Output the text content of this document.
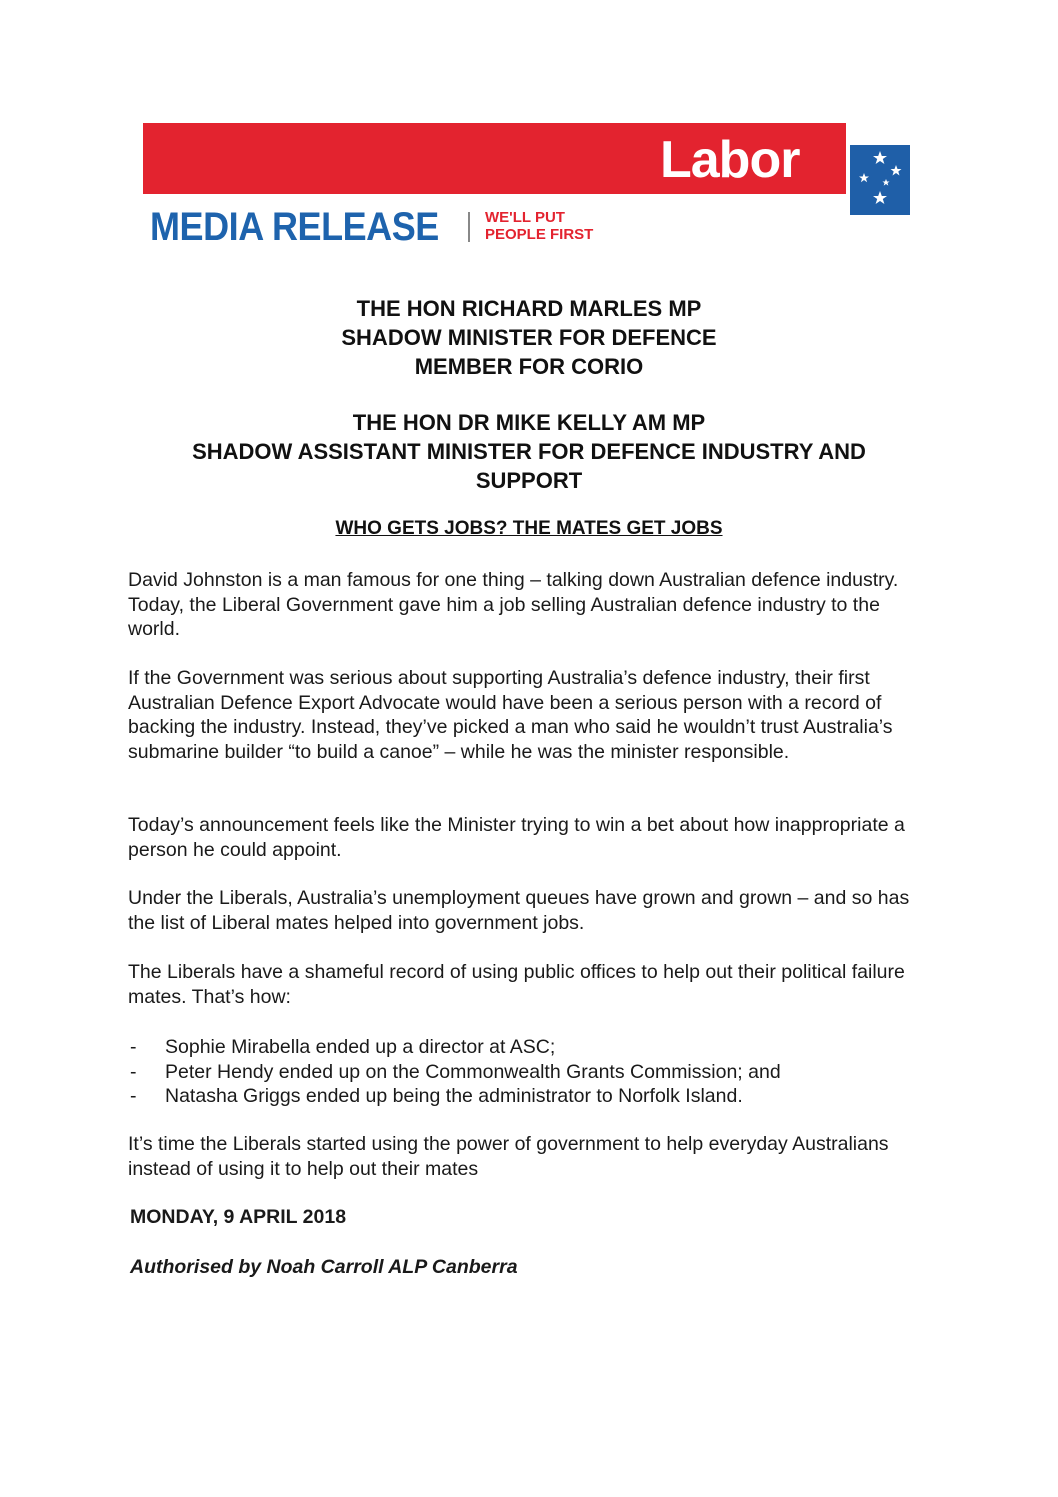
Labor
MEDIA RELEASE	WE'LL PUT
PEOPLE FIRST
THE HON RICHARD MARLES MP
SHADOW MINISTER FOR DEFENCE
MEMBER FOR CORIO
THE HON DR MIKE KELLY AM MP
SHADOW ASSISTANT MINISTER FOR DEFENCE INDUSTRY AND
SUPPORT
WHO GETS JOBS? THE MATES GET JOBS

David Johnston is a man famous for one thing – talking down Australian defence industry. Today, the Liberal Government gave him a job selling Australian defence industry to the world.

If the Government was serious about supporting Australia’s defence industry, their first Australian Defence Export Advocate would have been a serious person with a record of backing the industry. Instead, they’ve picked a man who said he wouldn’t trust Australia’s submarine builder “to build a canoe” – while he was the minister responsible.

Today’s announcement feels like the Minister trying to win a bet about how inappropriate a person he could appoint.

Under the Liberals, Australia’s unemployment queues have grown and grown – and so has the list of Liberal mates helped into government jobs.

The Liberals have a shameful record of using public offices to help out their political failure mates. That’s how:

- Sophie Mirabella ended up a director at ASC;
- Peter Hendy ended up on the Commonwealth Grants Commission; and
- Natasha Griggs ended up being the administrator to Norfolk Island.

It’s time the Liberals started using the power of government to help everyday Australians instead of using it to help out their mates

MONDAY, 9 APRIL 2018
Authorised by Noah Carroll ALP Canberra
